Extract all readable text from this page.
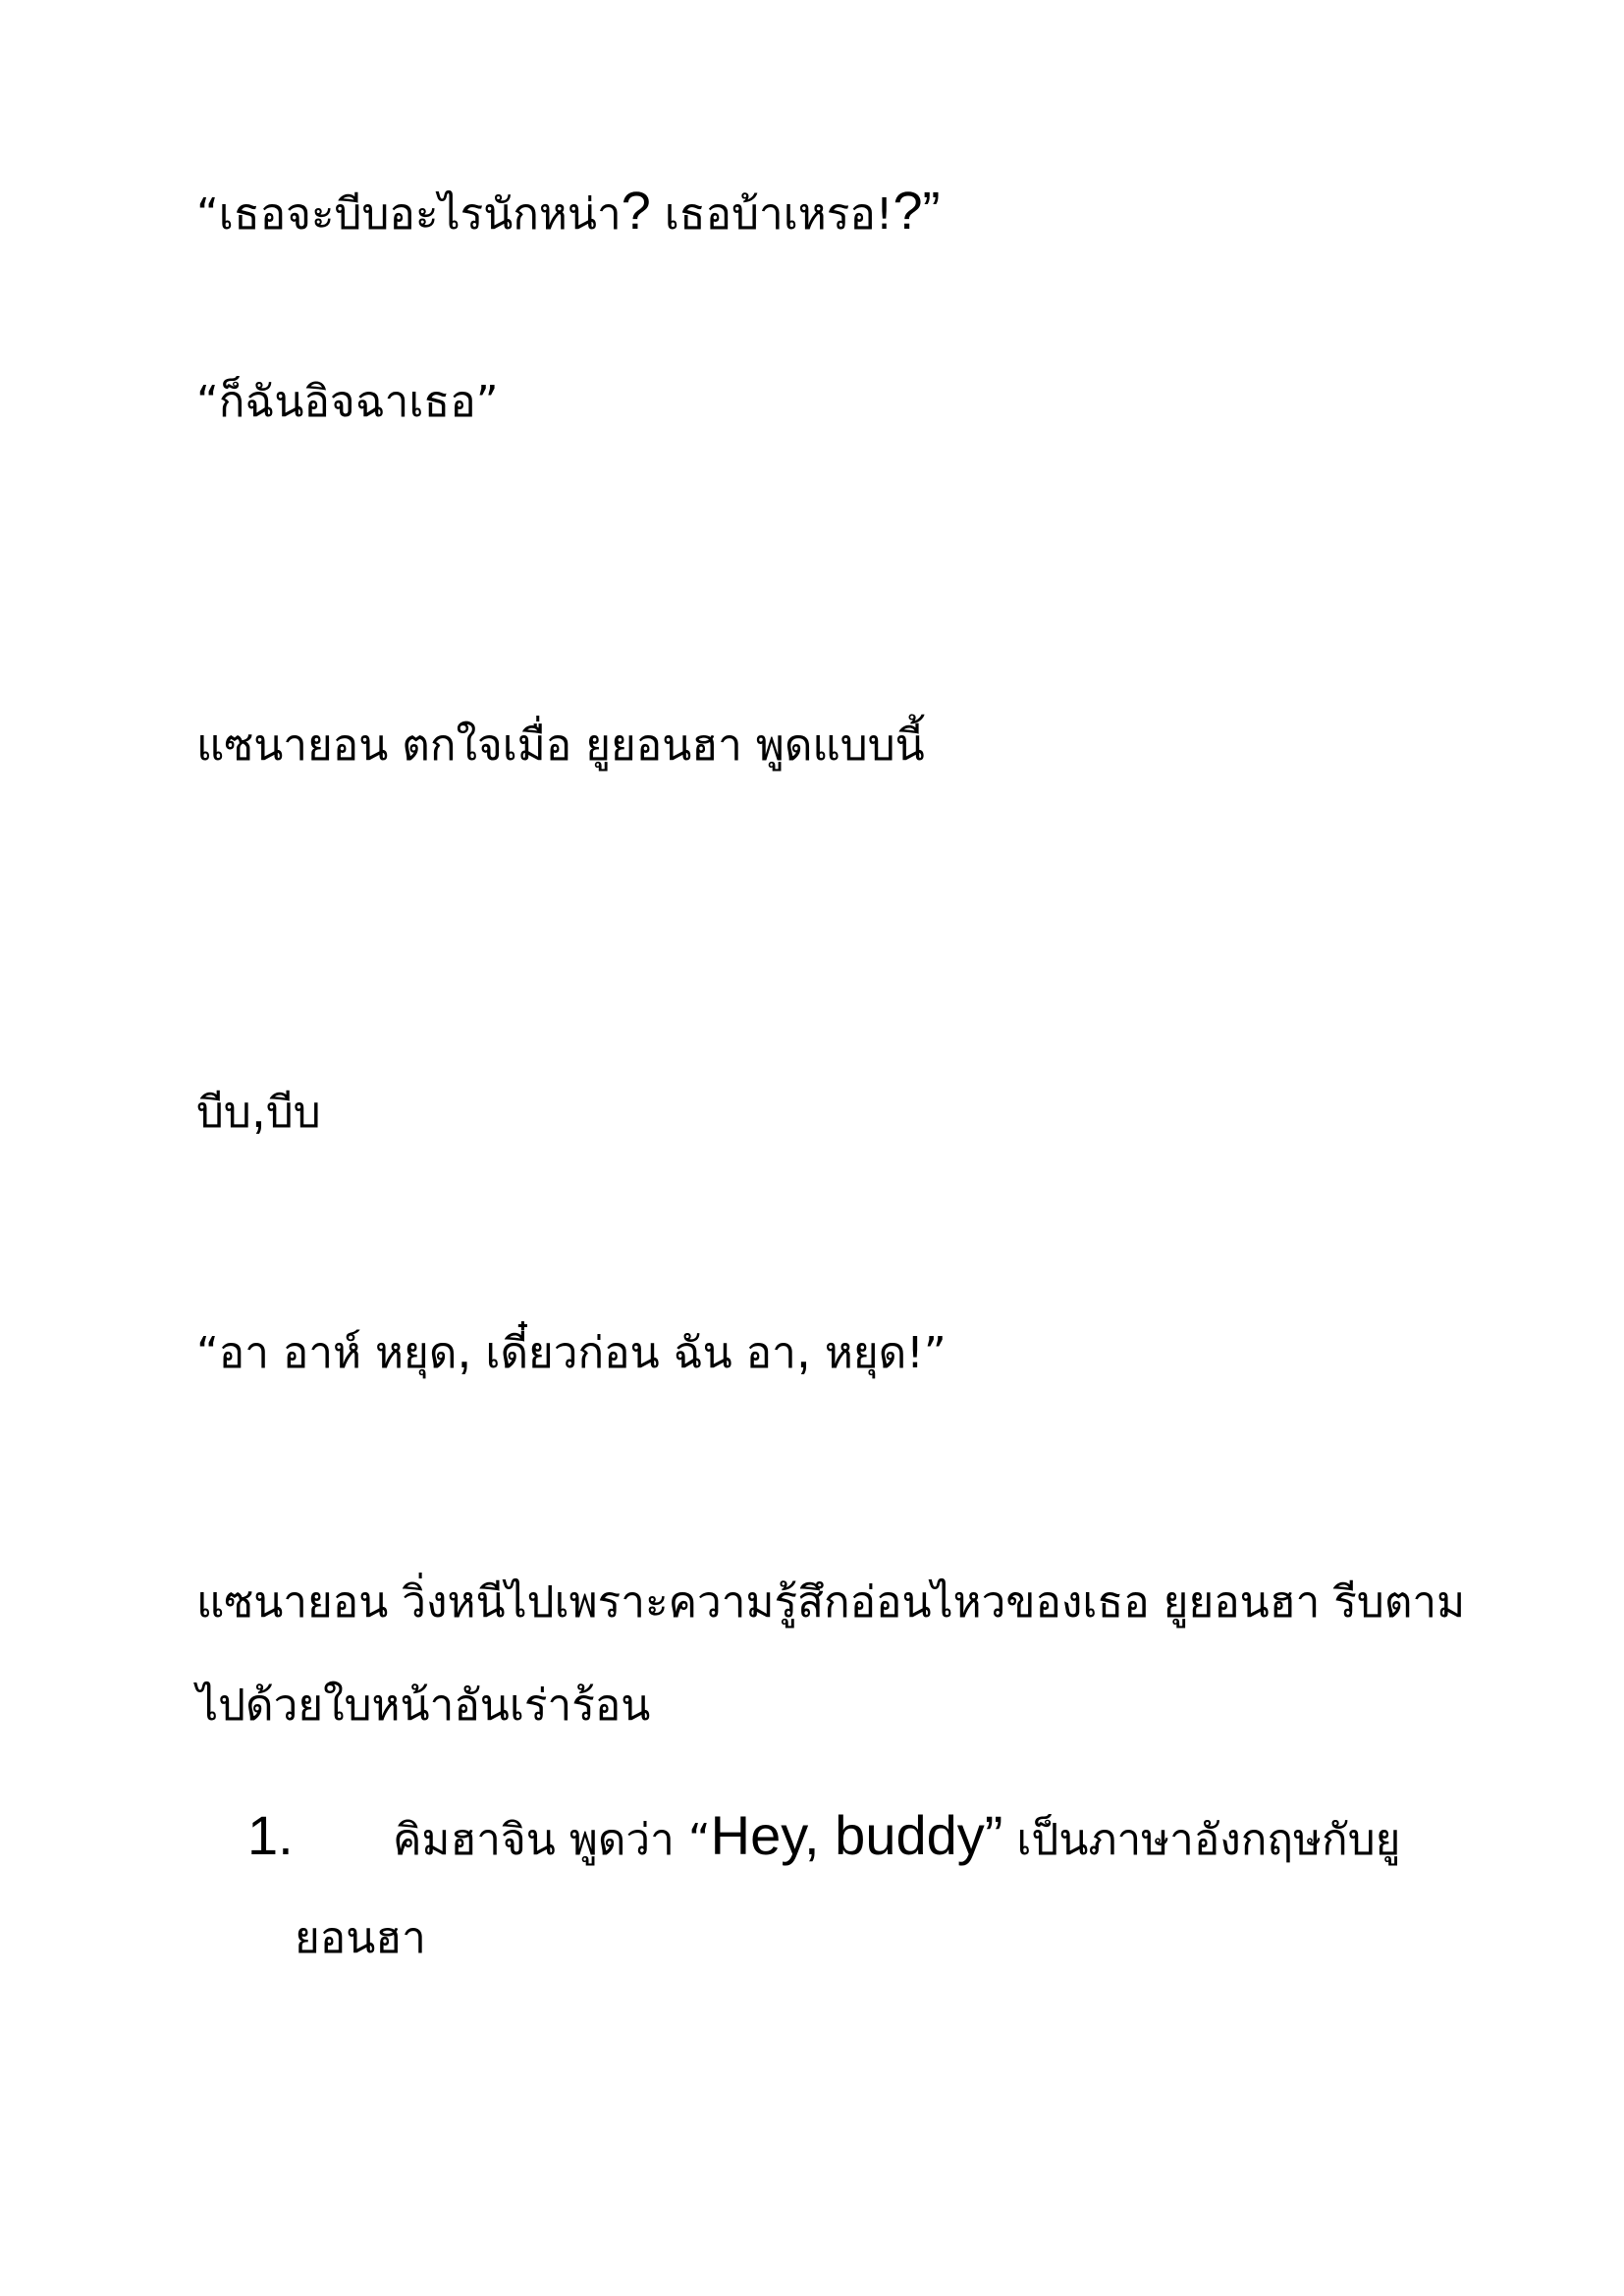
“เธอจะบีบอะไรนักหน่า? เธอบ้าเหรอ!?”

“ก็ฉันอิจฉาเธอ”

แซนายอน ตกใจเมื่อ ยูยอนฮา พูดแบบนี้

บีบ,บีบ

“อา อาห์ หยุด, เดี๋ยวก่อน ฉัน อา, หยุด!”

แซนายอน วิ่งหนีไปเพราะความรู้สึกอ่อนไหวของเธอ ยูยอนฮา รีบตามไปด้วยใบหน้าอันเร่าร้อน

1.	คิมฮาจิน พูดว่า “Hey, buddy” เป็นภาษาอังกฤษกับยูยอนฮา
